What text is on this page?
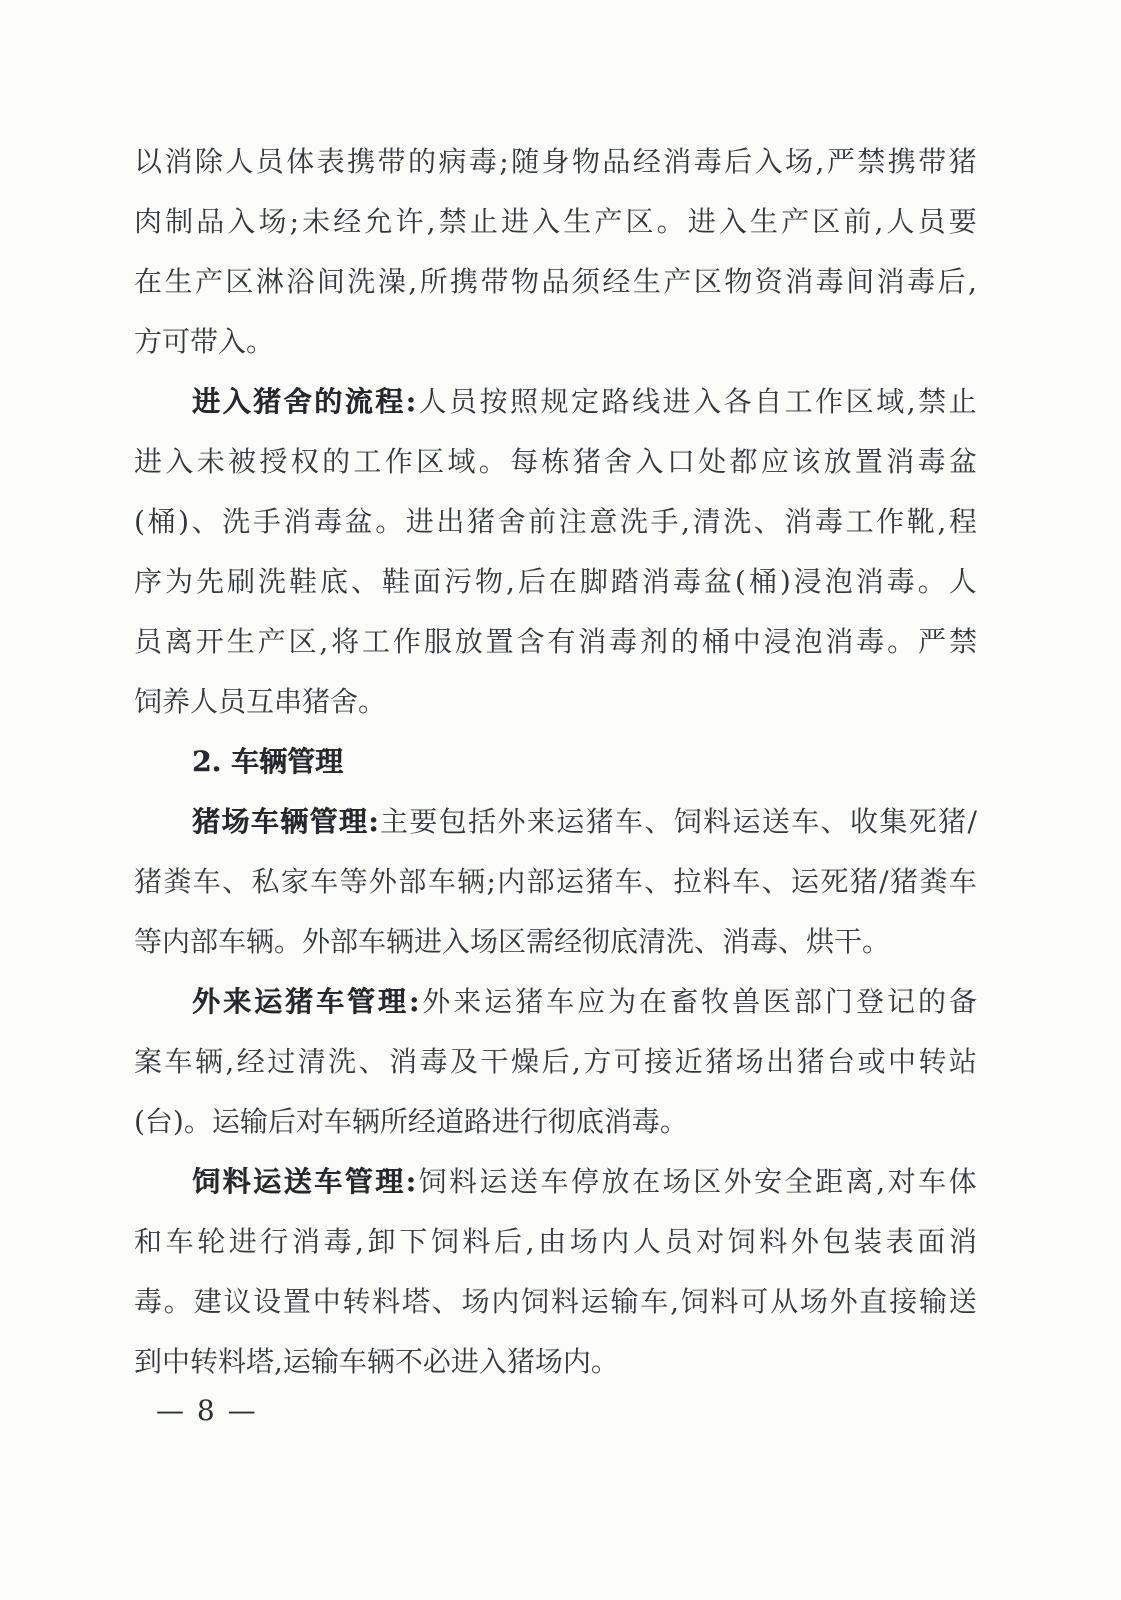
以 消 除 人 员 体 表 携 带 的 病 毒 ; 随 身 物 品 经 消 毒 后 入 场 , 严 禁 携 带 猪
肉 制 品 入 场 ; 未 经 允 许 , 禁 止 进 入 生 产 区 。 进 入 生 产 区 前 , 人 员 要
在 生 产 区 淋 浴 间 洗 澡 , 所 携 带 物 品 须 经 生 产 区 物 资 消 毒 间 消 毒 后 ,
方可带入。
进 入 猪 舍 的 流 程 : 人 员 按 照 规 定 路 线 进 入 各 自 工 作 区 域 , 禁 止
进 入 未 被 授 权 的 工 作 区 域 。 每 栋 猪 舍 入 口 处 都 应 该 放 置 消 毒 盆
( 桶 ) 、 洗 手 消 毒 盆 。 进 出 猪 舍 前 注 意 洗 手 , 清 洗 、 消 毒 工 作 靴 , 程
序 为 先 刷 洗 鞋 底 、 鞋 面 污 物 , 后 在 脚 踏 消 毒 盆 ( 桶 ) 浸 泡 消 毒 。 人
员 离 开 生 产 区 , 将 工 作 服 放 置 含 有 消 毒 剂 的 桶 中 浸 泡 消 毒 。 严 禁
饲养人员互串猪舍。
2. 车辆管理
猪 场 车 辆 管 理 : 主 要 包 括 外 来 运 猪 车 、 饲 料 运 送 车 、 收 集 死 猪 /
猪 粪 车 、 私 家 车 等 外 部 车 辆 ; 内 部 运 猪 车 、 拉 料 车 、 运 死 猪 / 猪 粪 车
等内部车辆。外部车辆进入场区需经彻底清洗、消毒、烘干。
外 来 运 猪 车 管 理 : 外 来 运 猪 车 应 为 在 畜 牧 兽 医 部 门 登 记 的 备
案 车 辆 , 经 过 清 洗 、 消 毒 及 干 燥 后 , 方 可 接 近 猪 场 出 猪 台 或 中 转 站
(台)。运输后对车辆所经道路进行彻底消毒。
饲 料 运 送 车 管 理 : 饲 料 运 送 车 停 放 在 场 区 外 安 全 距 离 , 对 车 体
和 车 轮 进 行 消 毒 , 卸 下 饲 料 后 , 由 场 内 人 员 对 饲 料 外 包 装 表 面 消
毒 。 建 议 设 置 中 转 料 塔 、 场 内 饲 料 运 输 车 , 饲 料 可 从 场 外 直 接 输 送
到中转料塔,运输车辆不必进入猪场内。
— 8 —
